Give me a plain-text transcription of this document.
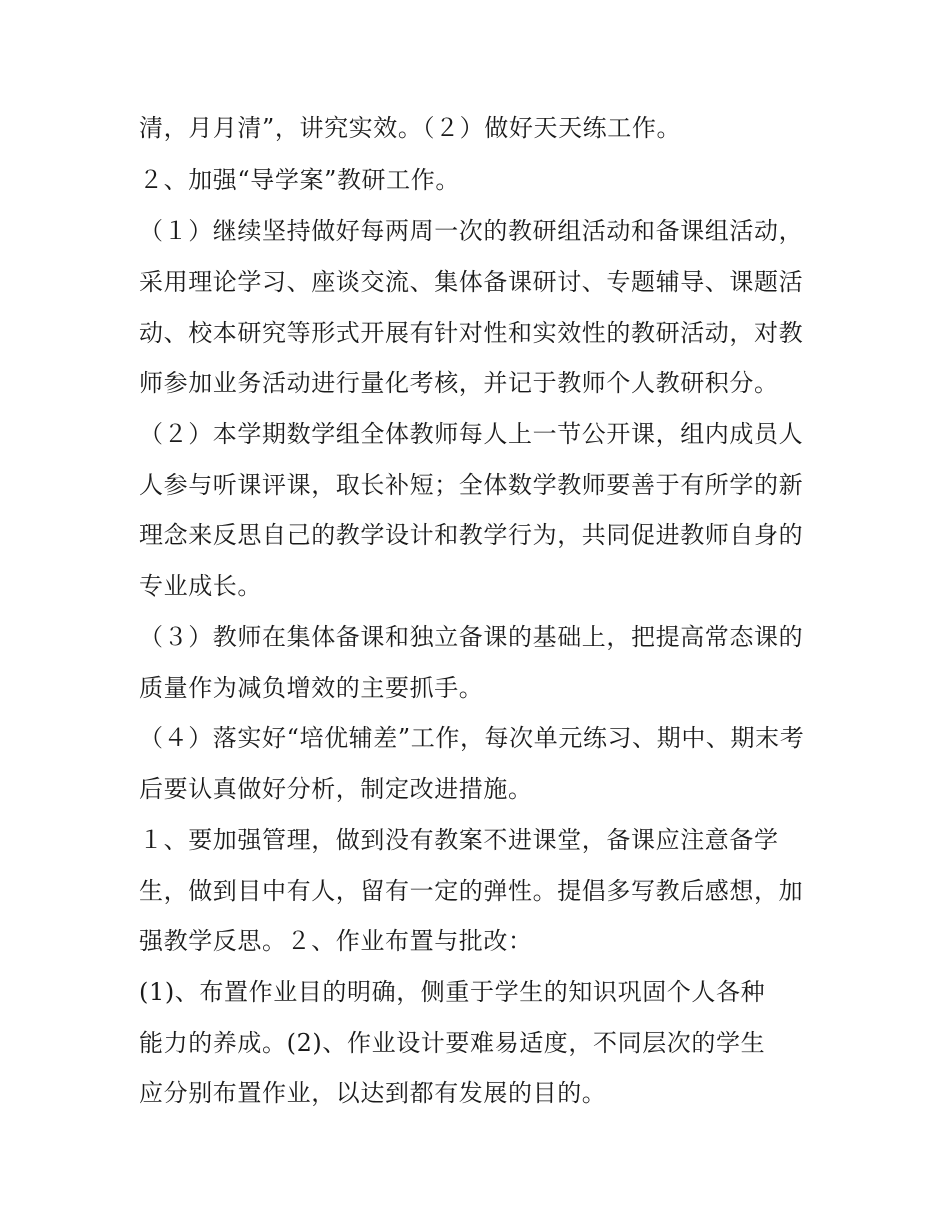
清，月月清”，讲究实效。（２）做好天天练工作。
２、加强“导学案”教研工作。
（１）继续坚持做好每两周一次的教研组活动和备课组活动，
采用理论学习、座谈交流、集体备课研讨、专题辅导、课题活
动、校本研究等形式开展有针对性和实效性的教研活动，对教
师参加业务活动进行量化考核，并记于教师个人教研积分。
（２）本学期数学组全体教师每人上一节公开课，组内成员人
人参与听课评课，取长补短；全体数学教师要善于有所学的新
理念来反思自己的教学设计和教学行为，共同促进教师自身的
专业成长。
（３）教师在集体备课和独立备课的基础上，把提高常态课的
质量作为减负增效的主要抓手。
（４）落实好“培优辅差”工作，每次单元练习、期中、期末考
后要认真做好分析，制定改进措施。
１、要加强管理，做到没有教案不进课堂，备课应注意备学
生，做到目中有人，留有一定的弹性。提倡多写教后感想，加
强教学反思。２、作业布置与批改：
(1)、布置作业目的明确，侧重于学生的知识巩固个人各种
能力的养成。(2)、作业设计要难易适度，不同层次的学生
应分别布置作业，以达到都有发展的目的。
